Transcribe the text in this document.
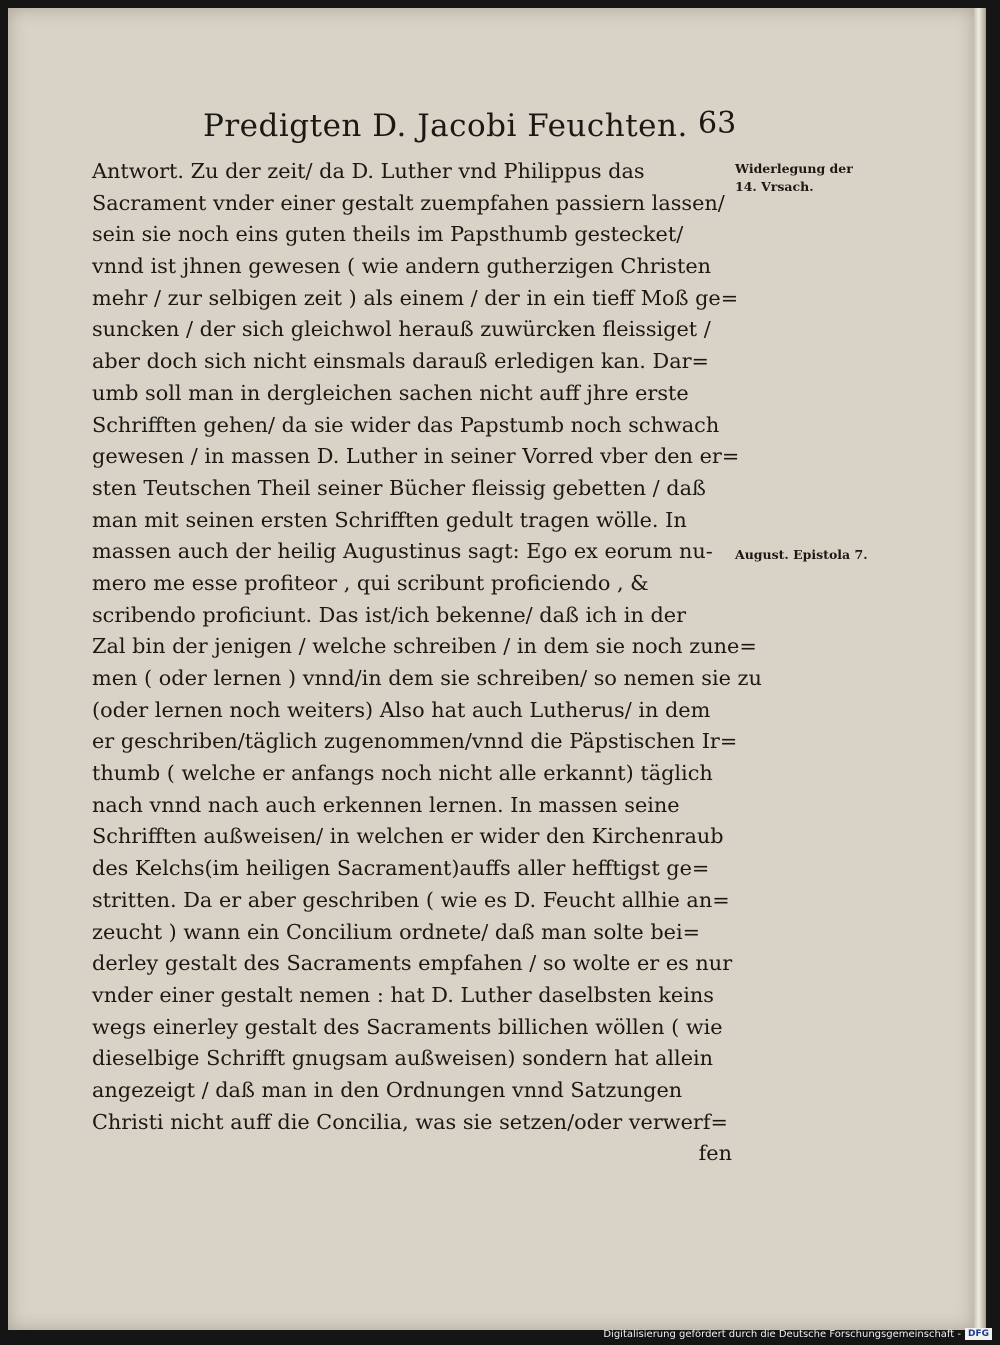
Predigten D. Jacobi Feuchten. 63
Antwort. Zu der zeit/ da D. Luther vnd Philippus das
Sacrament vnder einer gestalt zuempfahen passiern lassen/
sein sie noch eins guten theils im Papsthumb gestecket/
vnnd ist jhnen gewesen ( wie andern gutherzigen Christen
mehr / zur selbigen zeit ) als einem / der in ein tieff Moß ge=
suncken / der sich gleichwol herauß zuwürcken fleissiget /
aber doch sich nicht einsmals darauß erledigen kan. Dar=
umb soll man in dergleichen sachen nicht auff jhre erste
Schrifften gehen/ da sie wider das Papstumb noch schwach
gewesen / in massen D. Luther in seiner Vorred vber den er=
sten Teutschen Theil seiner Bücher fleissig gebetten / daß
man mit seinen ersten Schrifften gedult tragen wölle. In
massen auch der heilig Augustinus sagt: Ego ex eorum nu-
mero me esse profiteor , qui scribunt proficiendo , &
scribendo proficiunt. Das ist/ich bekenne/ daß ich in der
Zal bin der jenigen / welche schreiben / in dem sie noch zune=
men ( oder lernen ) vnnd/in dem sie schreiben/ so nemen sie zu
(oder lernen noch weiters) Also hat auch Lutherus/ in dem
er geschriben/täglich zugenommen/vnnd die Päpstischen Ir=
thumb ( welche er anfangs noch nicht alle erkannt) täglich
nach vnnd nach auch erkennen lernen. In massen seine
Schrifften außweisen/ in welchen er wider den Kirchenraub
des Kelchs(im heiligen Sacrament)auffs aller hefftigst ge=
stritten. Da er aber geschriben ( wie es D. Feucht allhie an=
zeucht ) wann ein Concilium ordnete/ daß man solte bei=
derley gestalt des Sacraments empfahen / so wolte er es nur
vnder einer gestalt nemen : hat D. Luther daselbsten keins
wegs einerley gestalt des Sacraments billichen wöllen ( wie
dieselbige Schrifft gnugsam außweisen) sondern hat allein
angezeigt / daß man in den Ordnungen vnnd Satzungen
Christi nicht auff die Concilia, was sie setzen/oder verwerf=
fen
Widerlegung der
14. Vrsach.
August. Epistola 7.
Digitalisierung gefördert durch die Deutsche Forschungsgemeinschaft - DFG
